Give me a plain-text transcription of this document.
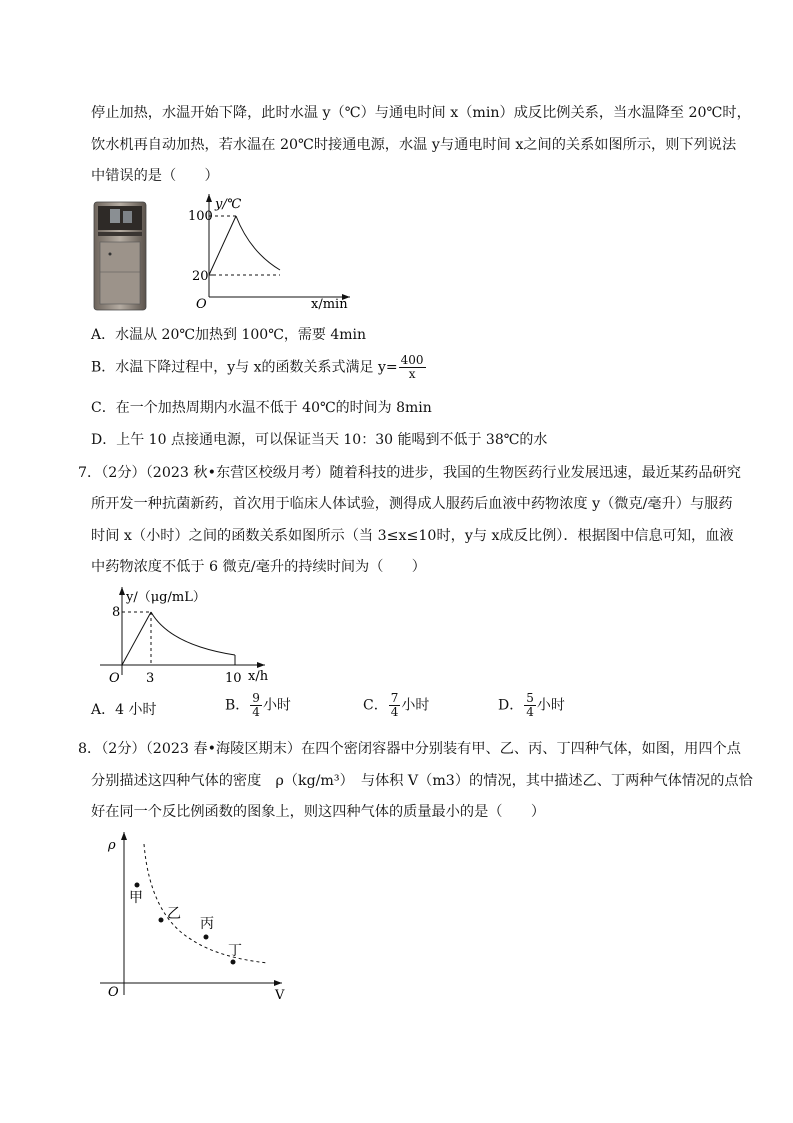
停止加热，水温开始下降，此时水温 y（℃）与通电时间 x（min）成反比例关系，当水温降至 20℃时，
饮水机再自动加热，若水温在 20℃时接通电源，水温 y与通电时间 x之间的关系如图所示，则下列说法
中错误的是（　　）
y/℃
100
20
O	x/min
A．水温从 20℃加热到 100℃，需要 4min
B．水温下降过程中，y与 x的函数关系式满足 $y= \frac{400}{x}$
C．在一个加热周期内水温不低于 40℃的时间为 8min
D．上午 10 点接通电源，可以保证当天 10：30 能喝到不低于 38℃的水
7．（2分）（2023 秋•东营区校级月考）随着科技的进步，我国的生物医药行业发展迅速，最近某药品研究
所开发一种抗菌新药，首次用于临床人体试验，测得成人服药后血液中药物浓度 y（微克/毫升）与服药
时间 x（小时）之间的函数关系如图所示（当 3≤x≤10时，y与 x成反比例）．根据图中信息可知，血液
中药物浓度不低于 6 微克/毫升的持续时间为（　　）
y/（μg/mL）
8
O 3	10 x/h
A．4 小时	B． $\frac{9}{4}$ 小时	C． $\frac{7}{4}$ 小时	D． $\frac{5}{4}$ 小时
8．（2分）（2023 春•海陵区期末）在四个密闭容器中分别装有甲、乙、丙、丁四种气体，如图，用四个点
分别描述这四种气体的密度　ρ（kg/m³）　与体积 V（m3）的情况，其中描述乙、丁两种气体情况的点恰
好在同一个反比例函数的图象上，则这四种气体的质量最小的是（　　）
ρ
甲
乙
丙
丁
O	V
